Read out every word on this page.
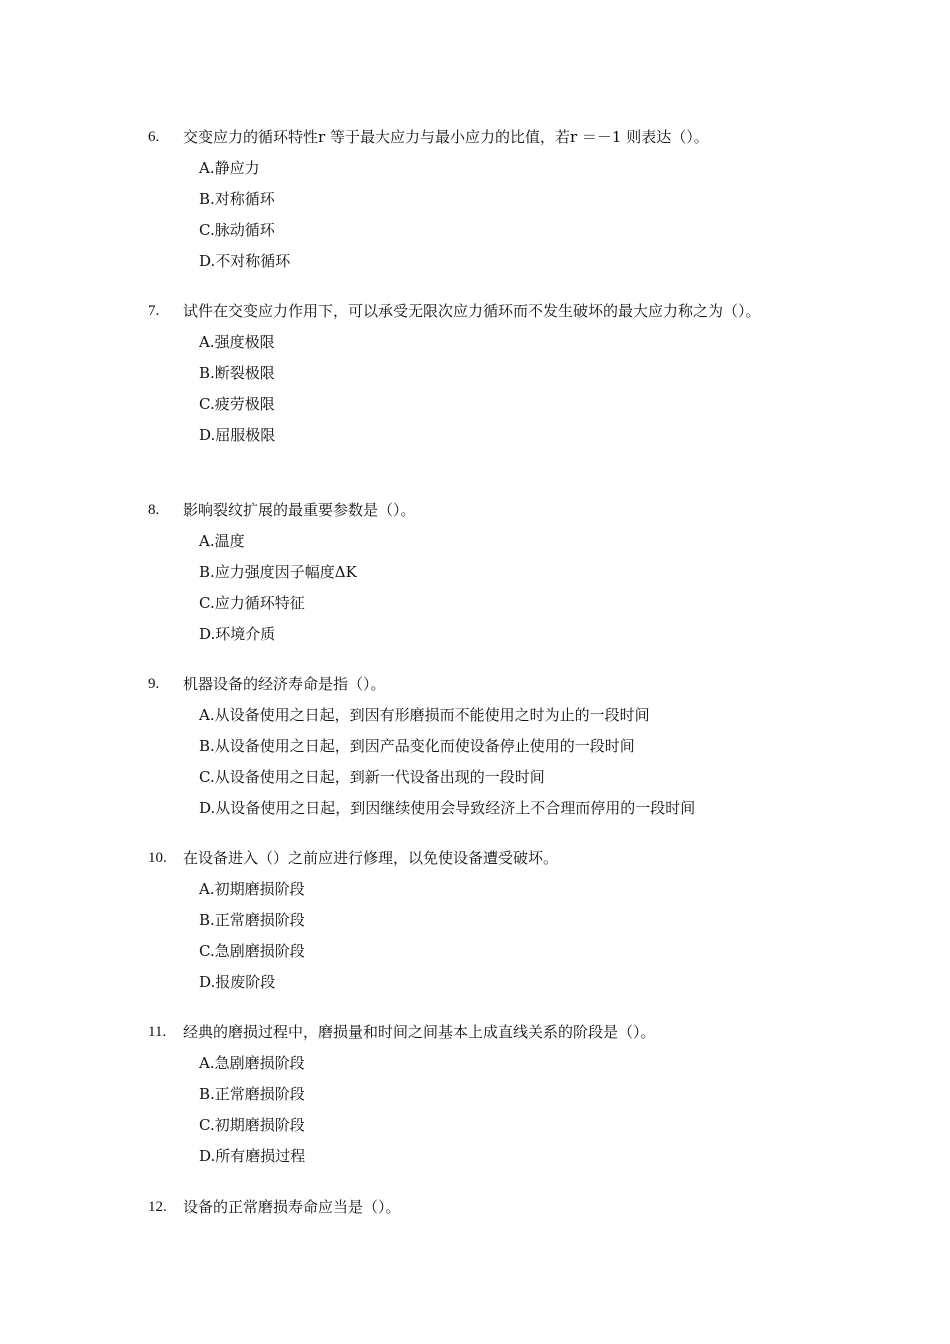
6.	交变应力的循环特性r 等于最大应力与最小应力的比值，若r ＝－1 则表达（）。
A.静应力
B.对称循环
C.脉动循环
D.不对称循环
7.	试件在交变应力作用下，可以承受无限次应力循环而不发生破坏的最大应力称之为（）。
A.强度极限
B.断裂极限
C.疲劳极限
D.屈服极限
8.	影响裂纹扩展的最重要参数是（）。
A.温度
B.应力强度因子幅度ΔK
C.应力循环特征
D.环境介质
9.	机器设备的经济寿命是指（）。
A.从设备使用之日起，到因有形磨损而不能使用之时为止的一段时间
B.从设备使用之日起，到因产品变化而使设备停止使用的一段时间
C.从设备使用之日起，到新一代设备出现的一段时间
D.从设备使用之日起，到因继续使用会导致经济上不合理而停用的一段时间
10.	在设备进入（）之前应进行修理，以免使设备遭受破坏。
A.初期磨损阶段
B.正常磨损阶段
C.急剧磨损阶段
D.报废阶段
11.	经典的磨损过程中，磨损量和时间之间基本上成直线关系的阶段是（）。
A.急剧磨损阶段
B.正常磨损阶段
C.初期磨损阶段
D.所有磨损过程
12.	设备的正常磨损寿命应当是（）。
